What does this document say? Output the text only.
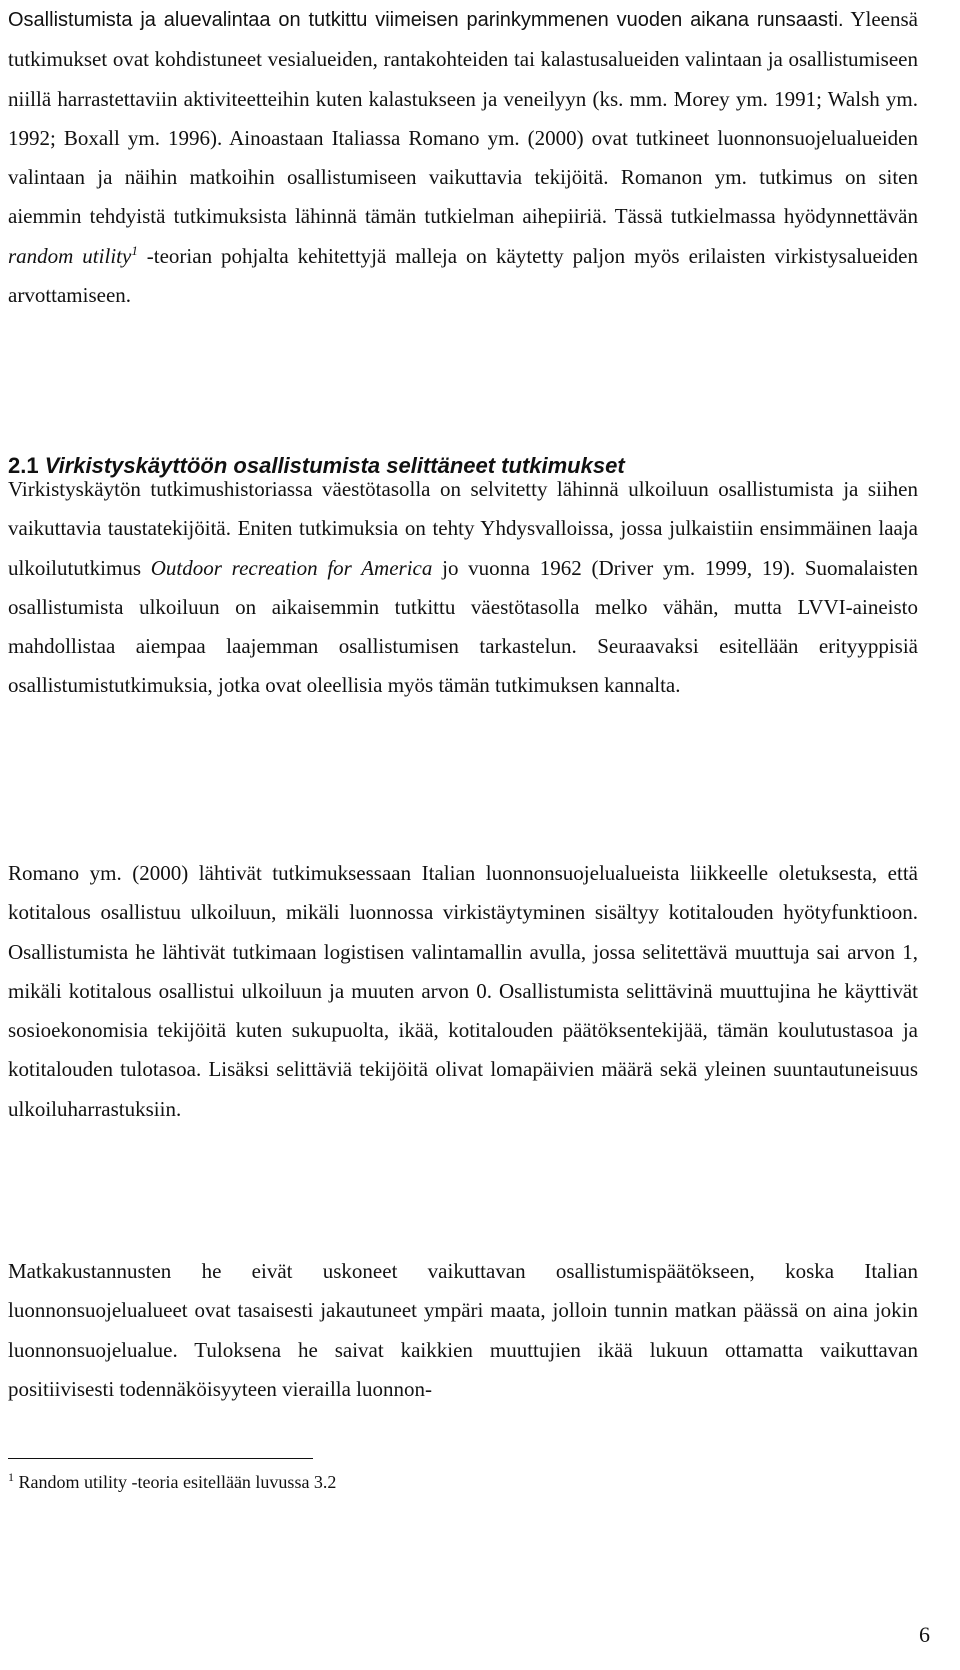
Osallistumista ja aluevalintaa on tutkittu viimeisen parinkymmenen vuoden aikana runsaasti. Yleensä tutkimukset ovat kohdistuneet vesialueiden, rantakohteiden tai kalastusalueiden valintaan ja osallistumiseen niillä harrastettaviin aktiviteetteihin kuten kalastukseen ja veneilyyn (ks. mm. Morey ym. 1991; Walsh ym. 1992; Boxall ym. 1996). Ainoastaan Italiassa Romano ym. (2000) ovat tutkineet luonnonsuojelualueiden valintaan ja näihin matkoihin osallistumiseen vaikuttavia tekijöitä. Romanon ym. tutkimus on siten aiemmin tehdyistä tutkimuksista lähinnä tämän tutkielman aihepiiriä. Tässä tutkielmassa hyödynnettävän random utility$^1$ -teorian pohjalta kehitettyjä malleja on käytetty paljon myös erilaisten virkistysalueiden arvottamiseen.

2.1 Virkistyskäyttöön osallistumista selittäneet tutkimukset

Virkistyskäytön tutkimushistoriassa väestötasolla on selvitetty lähinnä ulkoiluun osallistumista ja siihen vaikuttavia taustatekijöitä. Eniten tutkimuksia on tehty Yhdysvalloissa, jossa julkaistiin ensimmäinen laaja ulkoilututkimus Outdoor recreation for America jo vuonna 1962 (Driver ym. 1999, 19). Suomalaisten osallistumista ulkoiluun on aikaisemmin tutkittu väestötasolla melko vähän, mutta LVVI-aineisto mahdollistaa aiempaa laajemman osallistumisen tarkastelun. Seuraavaksi esitellään erityyppisiä osallistumistutkimuksia, jotka ovat oleellisia myös tämän tutkimuksen kannalta.

Romano ym. (2000) lähtivät tutkimuksessaan Italian luonnonsuojelualueista liikkeelle oletuksesta, että kotitalous osallistuu ulkoiluun, mikäli luonnossa virkistäytyminen sisältyy kotitalouden hyötyfunktioon. Osallistumista he lähtivät tutkimaan logistisen valintamallin avulla, jossa selitettävä muuttuja sai arvon 1, mikäli kotitalous osallistui ulkoiluun ja muuten arvon 0. Osallistumista selittävinä muuttujina he käyttivät sosioekonomisia tekijöitä kuten sukupuolta, ikää, kotitalouden päätöksentekijää, tämän koulutustasoa ja kotitalouden tulotasoa. Lisäksi selittäviä tekijöitä olivat lomapäivien määrä sekä yleinen suuntautuneisuus ulkoiluharrastuksiin.

Matkakustannusten he eivät uskoneet vaikuttavan osallistumispäätökseen, koska Italian luonnonsuojelualueet ovat tasaisesti jakautuneet ympäri maata, jolloin tunnin matkan päässä on aina jokin luonnonsuojelualue. Tuloksena he saivat kaikkien muuttujien ikää lukuun ottamatta vaikuttavan positiivisesti todennäköisyyteen vierailla luonnon-

$^1$ Random utility -teoria esitellään luvussa 3.2

6
